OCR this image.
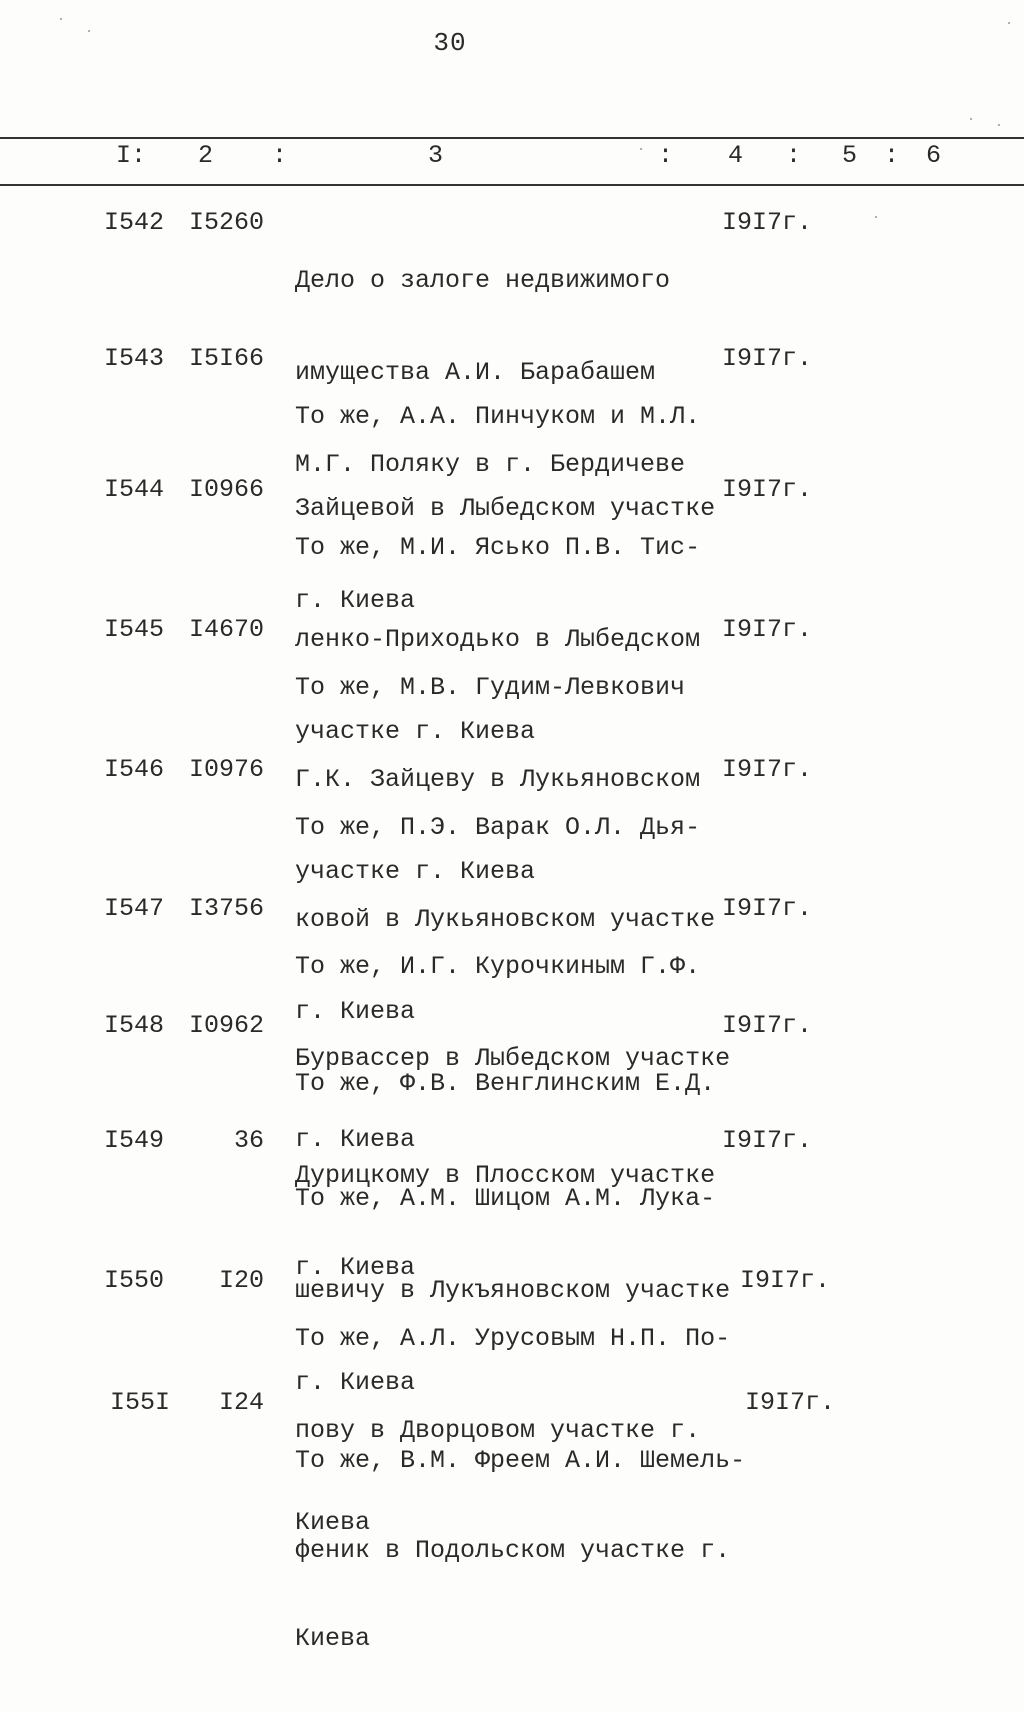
30
I: 2 :	3	: 4 : 5 : 6
I542 I5260

Дело о залоге недвижимого

имущества А.И. Барабашем

М.Г. Поляку в г. Бердичеве

I9I7г.
I543 I5I66

То же, А.А. Пинчуком и М.Л.

Зайцевой в Лыбедском участке

г. Киева

I9I7г.
I544 I0966

То же, М.И. Ясько П.В. Тис-

ленко-Приходько в Лыбедском

участке г. Киева

I9I7г.
I545 I4670

То же, М.В. Гудим-Левкович

Г.К. Зайцеву в Лукьяновском

участке г. Киева

I9I7г.
I546 I0976

То же, П.Э. Варак О.Л. Дья-

ковой в Лукьяновском участке

г. Киева

I9I7г.
I547 I3756

То же, И.Г. Курочкиным Г.Ф.

Бурвассер в Лыбедском участке

г. Киева

I9I7г.
I548 I0962

То же, Ф.В. Венглинским Е.Д.

Дурицкому в Плосском участке

г. Киева

I9I7г.
I549	36

То же, А.М. Шицом А.М. Лука-

шевичу в Лукъяновском участке

г. Киева

I9I7г.
I550 I20

То же, А.Л. Урусовым Н.П. По-

пову в Дворцовом участке г.

Киева

I9I7г.
I55I I24

То же, В.М. Фреем А.И. Шемель-

феник в Подольском участке г.

Киева

I9I7г.
